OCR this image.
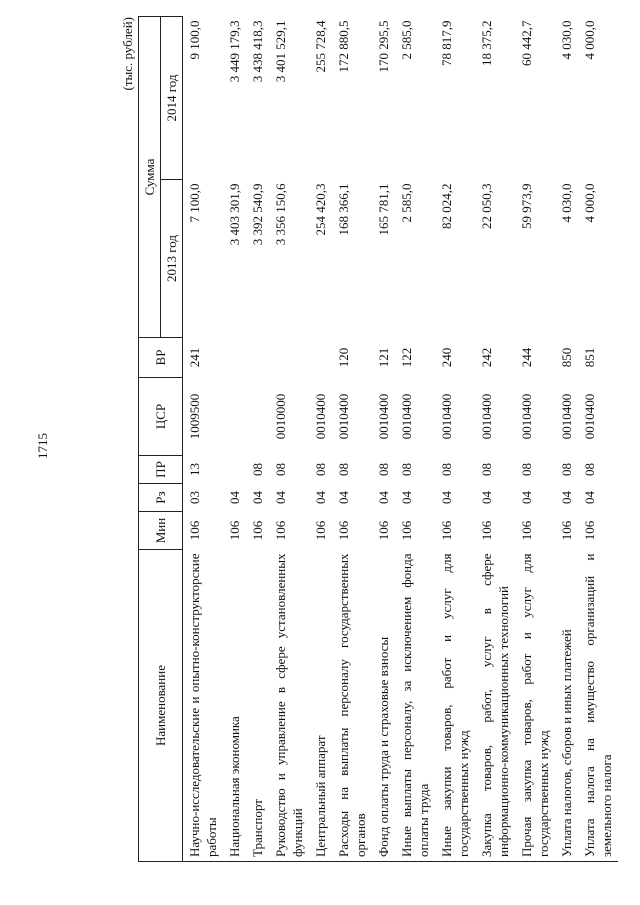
1715
(тыс. рублей)
Наименование	Мин	Рз	ПР	ЦСР	ВР	Сумма	
						2013 год	2014 год
Научно-исследовательские и опытно-конструкторские работы	106	03	13	1009500	241	7 100,0	9 100,0
Национальная экономика	106	04				3 403 301,9	3 449 179,3
Транспорт	106	04	08			3 392 540,9	3 438 418,3
Руководство и управление в сфере установленных функций	106	04	08	0010000		3 356 150,6	3 401 529,1
Центральный аппарат	106	04	08	0010400		254 420,3	255 728,4
Расходы на выплаты персоналу государственных органов	106	04	08	0010400	120	168 366,1	172 880,5
Фонд оплаты труда и страховые взносы	106	04	08	0010400	121	165 781,1	170 295,5
Иные выплаты персоналу, за исключением фонда оплаты труда	106	04	08	0010400	122	2 585,0	2 585,0
Иные закупки товаров, работ и услуг для государственных нужд	106	04	08	0010400	240	82 024,2	78 817,9
Закупка товаров, работ, услуг в сфере информационно-коммуникационных технологий	106	04	08	0010400	242	22 050,3	18 375,2
Прочая закупка товаров, работ и услуг для государственных нужд	106	04	08	0010400	244	59 973,9	60 442,7
Уплата налогов, сборов и иных платежей	106	04	08	0010400	850	4 030,0	4 030,0
Уплата налога на имущество организаций и земельного налога	106	04	08	0010400	851	4 000,0	4 000,0
